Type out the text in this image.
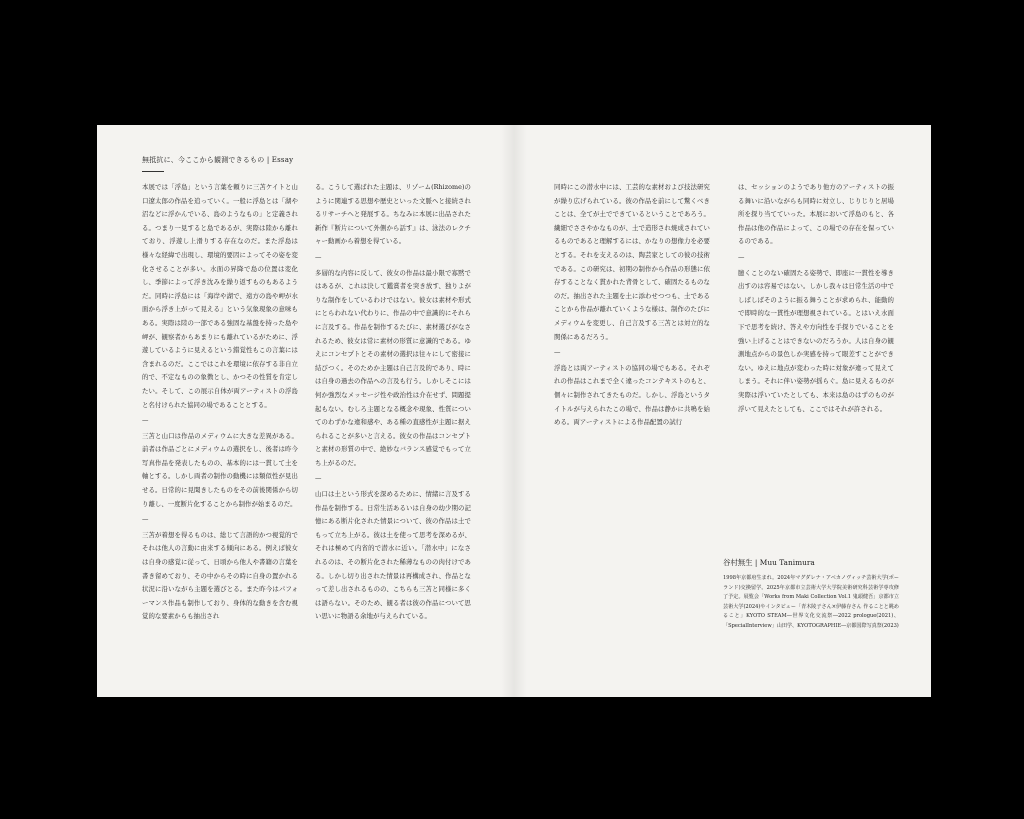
無抵抗に、今ここから観測できるもの | Essay

本展では「浮島」という言葉を頼りに三苫ケイトと山口遼太郎の作品を追っていく。一般に浮島とは「湖や沼などに浮かんでいる、島のようなもの」と定義される。つまり一見すると島であるが、実際は陸から離れており、浮遊し上滑りする存在なのだ。また浮島は様々な経緯で出現し、環境的要因によってその姿を変化させることが多い。水面の昇降で島の位置は変化し、季節によって浮き沈みを繰り返すものもあるようだ。同時に浮島には「海岸や湖で、遠方の島や岬が水面から浮き上がって見える」という気象現象の意味もある。実際は陸の一部である強固な基盤を持った島や岬が、観察者からあまりにも離れているがために、浮遊しているように見えるという錯覚性もこの言葉には含まれるのだ。ここではこれを環境に依存する非自立的で、不定なものの象徴とし、かつその性質を肯定したい。そして、この展示自体が両アーティストの浮島と名付けられた協同の場であることとする。

—

三苫と山口は作品のメディウムに大きな差異がある。前者は作品ごとにメディウムの選択をし、後者は昨今写真作品を発表したものの、基本的には一貫して土を軸とする。しかし両者の制作の動機には類似性が見出せる。日常的に見聞きしたものをその前後関係から切り離し、一度断片化することから制作が始まるのだ。

—

三苫が着想を得るものは、総じて言語的かつ視覚的でそれは他人の言動に由来する傾向にある。例えば彼女は自身の感覚に従って、日頃から他人や書籍の言葉を書き留めており、その中からその時に自身の置かれる状況に沿いながら主題を選びとる。また昨今はパフォーマンス作品も制作しており、身体的な動きを含む視覚的な要素からも抽出され

る。こうして選ばれた主題は、リゾーム(Rhizome)のように関連する思想や歴史といった文脈へと接続されるリサーチへと発展する。ちなみに本展に出品された新作『断片について外側から話す』は、泳法のレクチャー動画から着想を得ている。

—

多層的な内容に反して、彼女の作品は最小限で寡黙ではあるが、これは決して鑑賞者を突き放す、独りよがりな制作をしているわけではない。彼女は素材や形式にとらわれない代わりに、作品の中で意識的にそれらに言及する。作品を制作するたびに、素材選びがなされるため、彼女は常に素材の形質に意識的である。ゆえにコンセプトとその素材の選択は往々にして密接に結びつく。そのためか主題は自己言及的であり、時には自身の過去の作品への言及も行う。しかしそこには何か強烈なメッセージ性や政治性は介在せず、問題提起もない。むしろ主題となる概念や現象、性質についてのわずかな違和感や、ある種の直感性が主題に据えられることが多いと言える。彼女の作品はコンセプトと素材の形質の中で、絶妙なバランス感覚でもって立ち上がるのだ。

—

山口は土という形式を深めるために、情緒に言及する作品を制作する。日常生活あるいは自身の幼少期の記憶にある断片化された情景について、彼の作品は土でもって立ち上がる。彼は土を使って思考を深めるが、それは極めて内省的で潜水に近い。「潜水中」になされるのは、その断片化された稀薄なものの肉付けである。しかし切り出された情景は再構成され、作品となって差し出されるものの、こちらも三苫と同様に多くは語らない。そのため、観る者は彼の作品について思い思いに物語る余地が与えられている。

同時にこの潜水中には、工芸的な素材および技法研究が繰り広げられている。彼の作品を前にして驚くべきことは、全てが土でできているということであろう。繊細でささやかなものが、土で造形され焼成されているものであると理解するには、かなりの想像力を必要とする。それを支えるのは、陶芸家としての彼の技術である。この研究は、初期の制作から作品の形態に依存することなく貫かれた背骨として、確固たるものなのだ。抽出された主題を土に添わせつつも、土であることから作品が離れていくような様は、制作のたびにメディウムを変更し、自己言及する三苫とは対立的な関係にあるだろう。

—

浮島とは両アーティストの協同の場でもある。それぞれの作品はこれまで全く違ったコンテキストのもと、個々に制作されてきたものだ。しかし、浮島というタイトルが与えられたこの場で、作品は静かに共鳴を始める。両アーティストによる作品配置の試行

は、セッションのようであり他方のアーティストの振る舞いに沿いながらも同時に対立し、じりじりと居場所を探り当てていった。本展において浮島のもと、各作品は他の作品によって、この場での存在を保っているのである。

—

臆くことのない確固たる姿勢で、即座に一貫性を導き出すのは容易ではない。しかし我々は日常生活の中でしばしばそのように振る舞うことが求められ、能動的で即時的な一貫性が理想視されている。とはいえ水面下で思考を続け、答えや方向性を手探りでいることを強い上げることはできないのだろうか。人は自身の観測地点からの景色しか実感を持って眼差すことができない。ゆえに地点が変わった時に対象が違って見えてしまう。それに伴い姿勢が揺らぐ。島に見えるものが実際は浮いていたとしても、本来は島のはずのものが浮いて見えたとしても、ここではそれが許される。

谷村無生 | Muu Tanimura
1998年京都府生まれ。2024年マグダレナ・アベカノヴィッチ芸術大学(ポーランド)交換留学。2025年京都市立芸術大学大学院美術研究科芸術学専攻修了予定。展覧会「Works from Maki Collection Vol.1 鬼頭健吾」京都市立芸術大学(2024)やインタビュー「青木陵子さん×伊藤存さん 作ることと眺めること」KYOTO STEAM―世界文化交流祭―2022 prologue(2021)、「SpecialInterview」山田学、KYOTOGRAPHIE―京都国際写真祭(2023)
